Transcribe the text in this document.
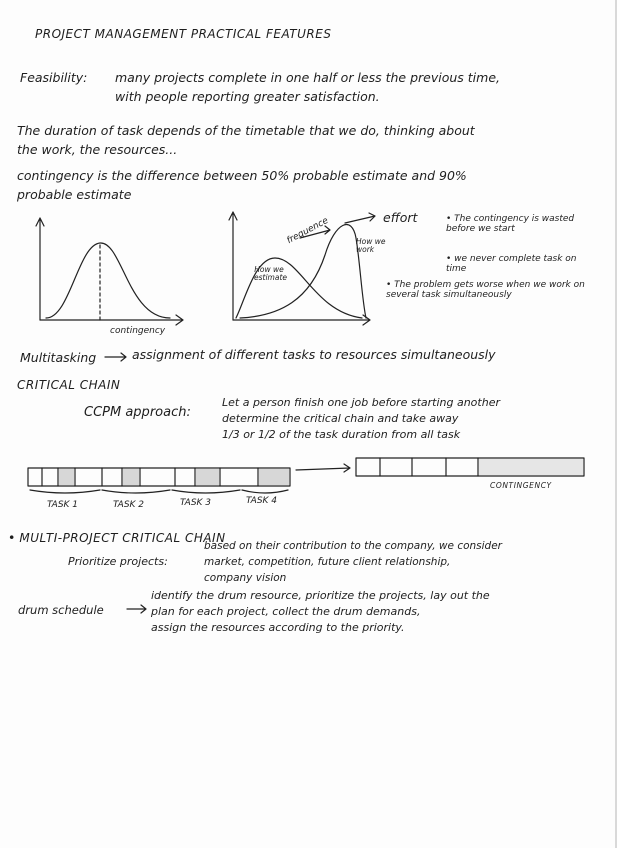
PROJECT MANAGEMENT PRACTICAL FEATURES
Feasibility: many projects complete in one half or less the previous time,
with people reporting greater satisfaction.
The duration of task depends of the timetable that we do, thinking about
the work, the resources...
contingency is the difference between 50% probable estimate and 90%
probable estimate
contingency
frequence	effort
How we estimate
How we work
• The contingency is wasted before we start
• we never complete task on time
• The problem gets worse when we work on several task simultaneously
Multitasking	assignment of different tasks to resources simultaneously
CRITICAL CHAIN
CCPM approach:
Let a person finish one job before starting another
determine the critical chain and take away
1/3 or 1/2 of the task duration from all task
TASK 1	TASK 2	TASK 3	TASK 4
CONTINGENCY
• MULTI-PROJECT CRITICAL CHAIN
Prioritize projects:
based on their contribution to the company, we consider
market, competition, future client relationship,
company vision
drum schedule
identify the drum resource, prioritize the projects, lay out the
plan for each project, collect the drum demands,
assign the resources according to the priority.
